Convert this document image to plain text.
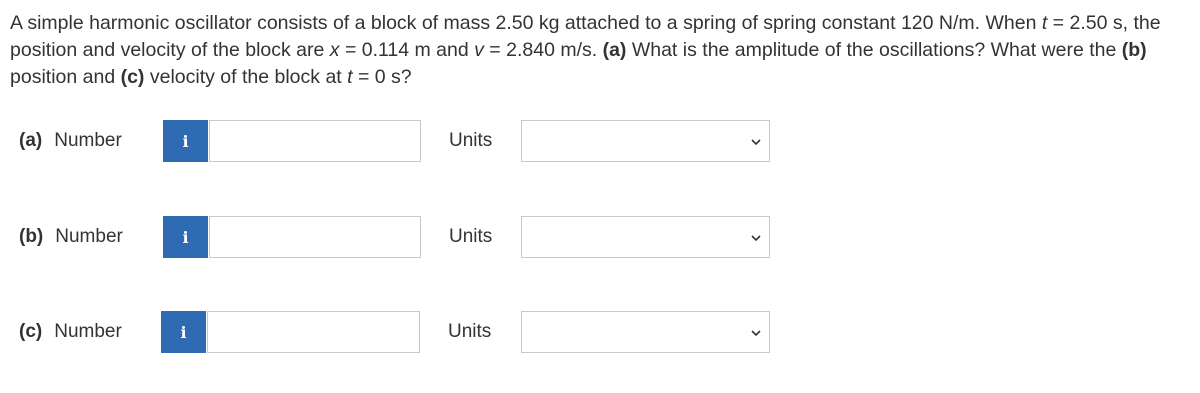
A simple harmonic oscillator consists of a block of mass 2.50 kg attached to a spring of spring constant 120 N/m. When t = 2.50 s, the position and velocity of the block are x = 0.114 m and v = 2.840 m/s. (a) What is the amplitude of the oscillations? What were the (b) position and (c) velocity of the block at t = 0 s?
(a) Number	i	Units
(b) Number	i	Units
(c) Number	i	Units
